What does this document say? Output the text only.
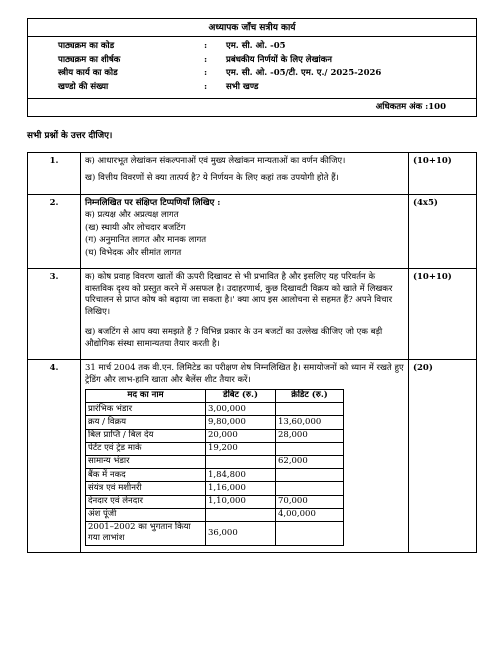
अध्यापक जाँच सत्रीय कार्य
पाठ्यक्रम का कोड	:	एम. सी. ओ. -05
पाठ्यक्रम का शीर्षक	:	प्रबंधकीय निर्णयों के लिए लेखांकन
स्त्रीय कार्य का कोड	:	एम. सी. ओ. -05/टी. एम. ए./ 2025-2026
खण्डो की संख्या	:	सभी खण्ड
अधिकतम अंक :100
सभी प्रश्नों के उत्तर दीजिए।
1.	क) आधारभूत लेखांकन संकल्पनाओं एवं मुख्य लेखांकन मान्यताओं का वर्णन कीजिए।
ख) वित्तीय विवरणों से क्या तात्पर्य है? ये निर्णयन के लिए कहां तक उपयोगी होते हैं।
	(10+10)
2.	निम्नलिखित पर संक्षिप्त टिप्पणियाँ लिखिए :
क) प्रत्यक्ष और अप्रत्यक्ष लागत
(ख) स्थायी और लोचदार बजटिंग
(ग) अनुमानित लागत और मानक लागत
(घ) विभेदक और सीमांत लागत
	(4x5)
3.	क) कोष प्रवाह विवरण खातों की ऊपरी दिखावट से भी प्रभावित है और इसलिए यह परिवर्तन के वास्तविक दृश्य को प्रस्तुत करने में असफल है। उदाहरणार्थ, कुछ दिखावटी विक्रय को खाते में लिखकर परिचालन से प्राप्त कोष को बढ़ाया जा सकता है।' क्या आप इस आलोचना से सहमत हैं? अपने विचार लिखिए।
ख) बजटिंग से आप क्या समझते हैं ? विभिन्न प्रकार के उन बजटों का उल्लेख कीजिए जो एक बड़ी औद्योगिक संस्था सामान्यतया तैयार करती है।
	(10+10)
4.	31 मार्च 2004 तक वी.एन. लिमिटेड का परीक्षण शेष निम्नलिखित है। समायोजनों को ध्यान में रखते हुए ट्रेडिंग और लाभ-हानि खाता और बैलेंस शीट तैयार करें।
मद का नाम	डेबिट (रु.)	क्रेडिट (रु.)
प्रारंभिक भंडार	3,00,000	
क्रय / विक्रय	9,80,000	13,60,000
बिल प्राप्ति / बिल देय	20,000	28,000
पेटेंट एवं ट्रेड मार्क	19,200	
सामान्य भंडार		62,000
बैंक में नकद	1,84,800	
संयंत्र एवं मशीनरी	1,16,000	
देनदार एवं लेनदार	1,10,000	70,000
अंश पूंजी		4,00,000
2001–2002 का भुगतान किया गया लाभांश	36,000	
	(20)
